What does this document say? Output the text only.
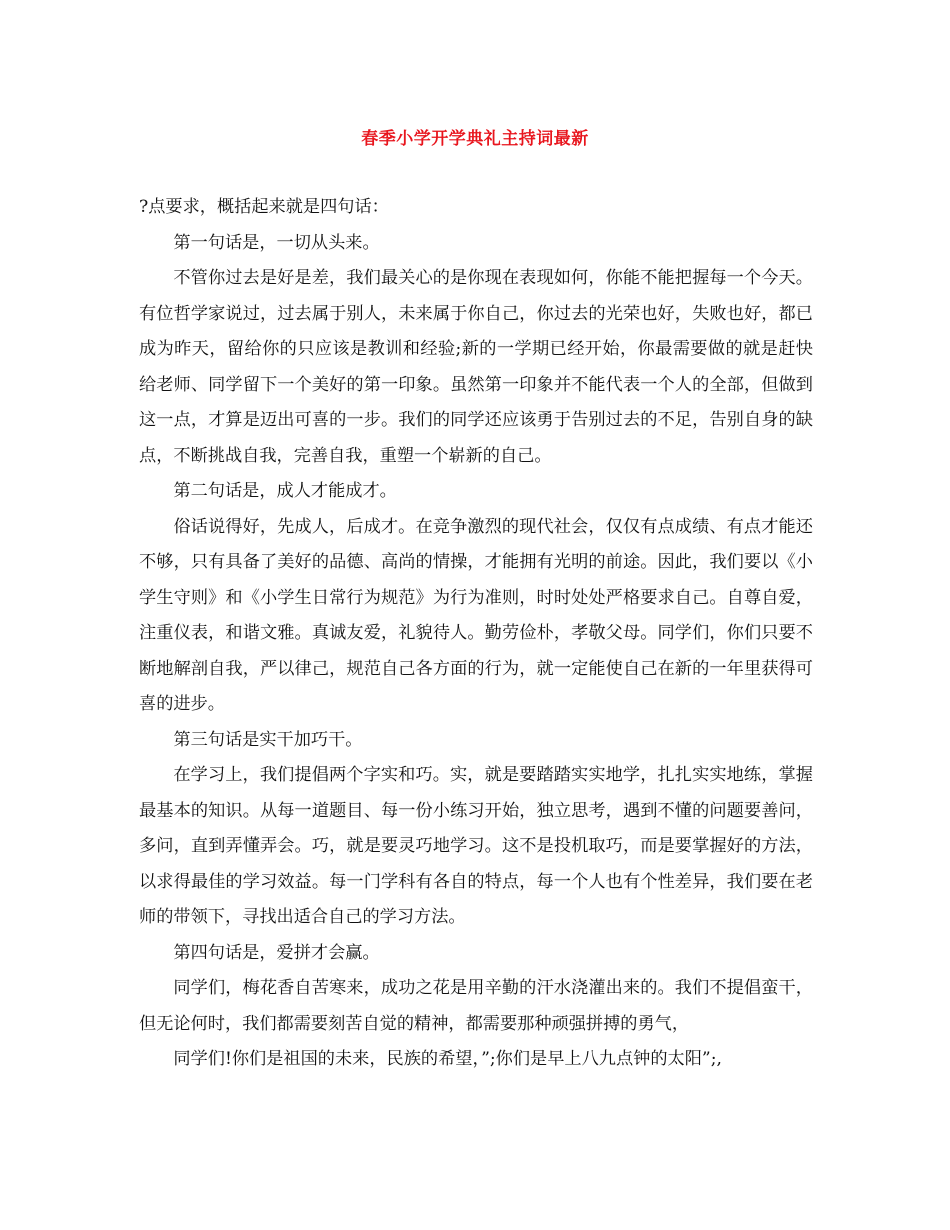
春季小学开学典礼主持词最新

?点要求，概括起来就是四句话：

第一句话是，一切从头来。

不管你过去是好是差，我们最关心的是你现在表现如何，你能不能把握每一个今天。有位哲学家说过，过去属于别人，未来属于你自己，你过去的光荣也好，失败也好，都已成为昨天，留给你的只应该是教训和经验;新的一学期已经开始，你最需要做的就是赶快给老师、同学留下一个美好的第一印象。虽然第一印象并不能代表一个人的全部，但做到这一点，才算是迈出可喜的一步。我们的同学还应该勇于告别过去的不足，告别自身的缺点，不断挑战自我，完善自我，重塑一个崭新的自己。

第二句话是，成人才能成才。

俗话说得好，先成人，后成才。在竞争激烈的现代社会，仅仅有点成绩、有点才能还不够，只有具备了美好的品德、高尚的情操，才能拥有光明的前途。因此，我们要以《小学生守则》和《小学生日常行为规范》为行为准则，时时处处严格要求自己。自尊自爱，注重仪表，和谐文雅。真诚友爱，礼貌待人。勤劳俭朴，孝敬父母。同学们，你们只要不断地解剖自我，严以律己，规范自己各方面的行为，就一定能使自己在新的一年里获得可喜的进步。

第三句话是实干加巧干。

在学习上，我们提倡两个字实和巧。实，就是要踏踏实实地学，扎扎实实地练，掌握最基本的知识。从每一道题目、每一份小练习开始，独立思考，遇到不懂的问题要善问，多问，直到弄懂弄会。巧，就是要灵巧地学习。这不是投机取巧，而是要掌握好的方法，以求得最佳的学习效益。每一门学科有各自的特点，每一个人也有个性差异，我们要在老师的带领下，寻找出适合自己的学习方法。

第四句话是，爱拼才会赢。

同学们，梅花香自苦寒来，成功之花是用辛勤的汗水浇灌出来的。我们不提倡蛮干，但无论何时，我们都需要刻苦自觉的精神，都需要那种顽强拼搏的勇气，

同学们!你们是祖国的未来，民族的希望，”;你们是早上八九点钟的太阳”;,
